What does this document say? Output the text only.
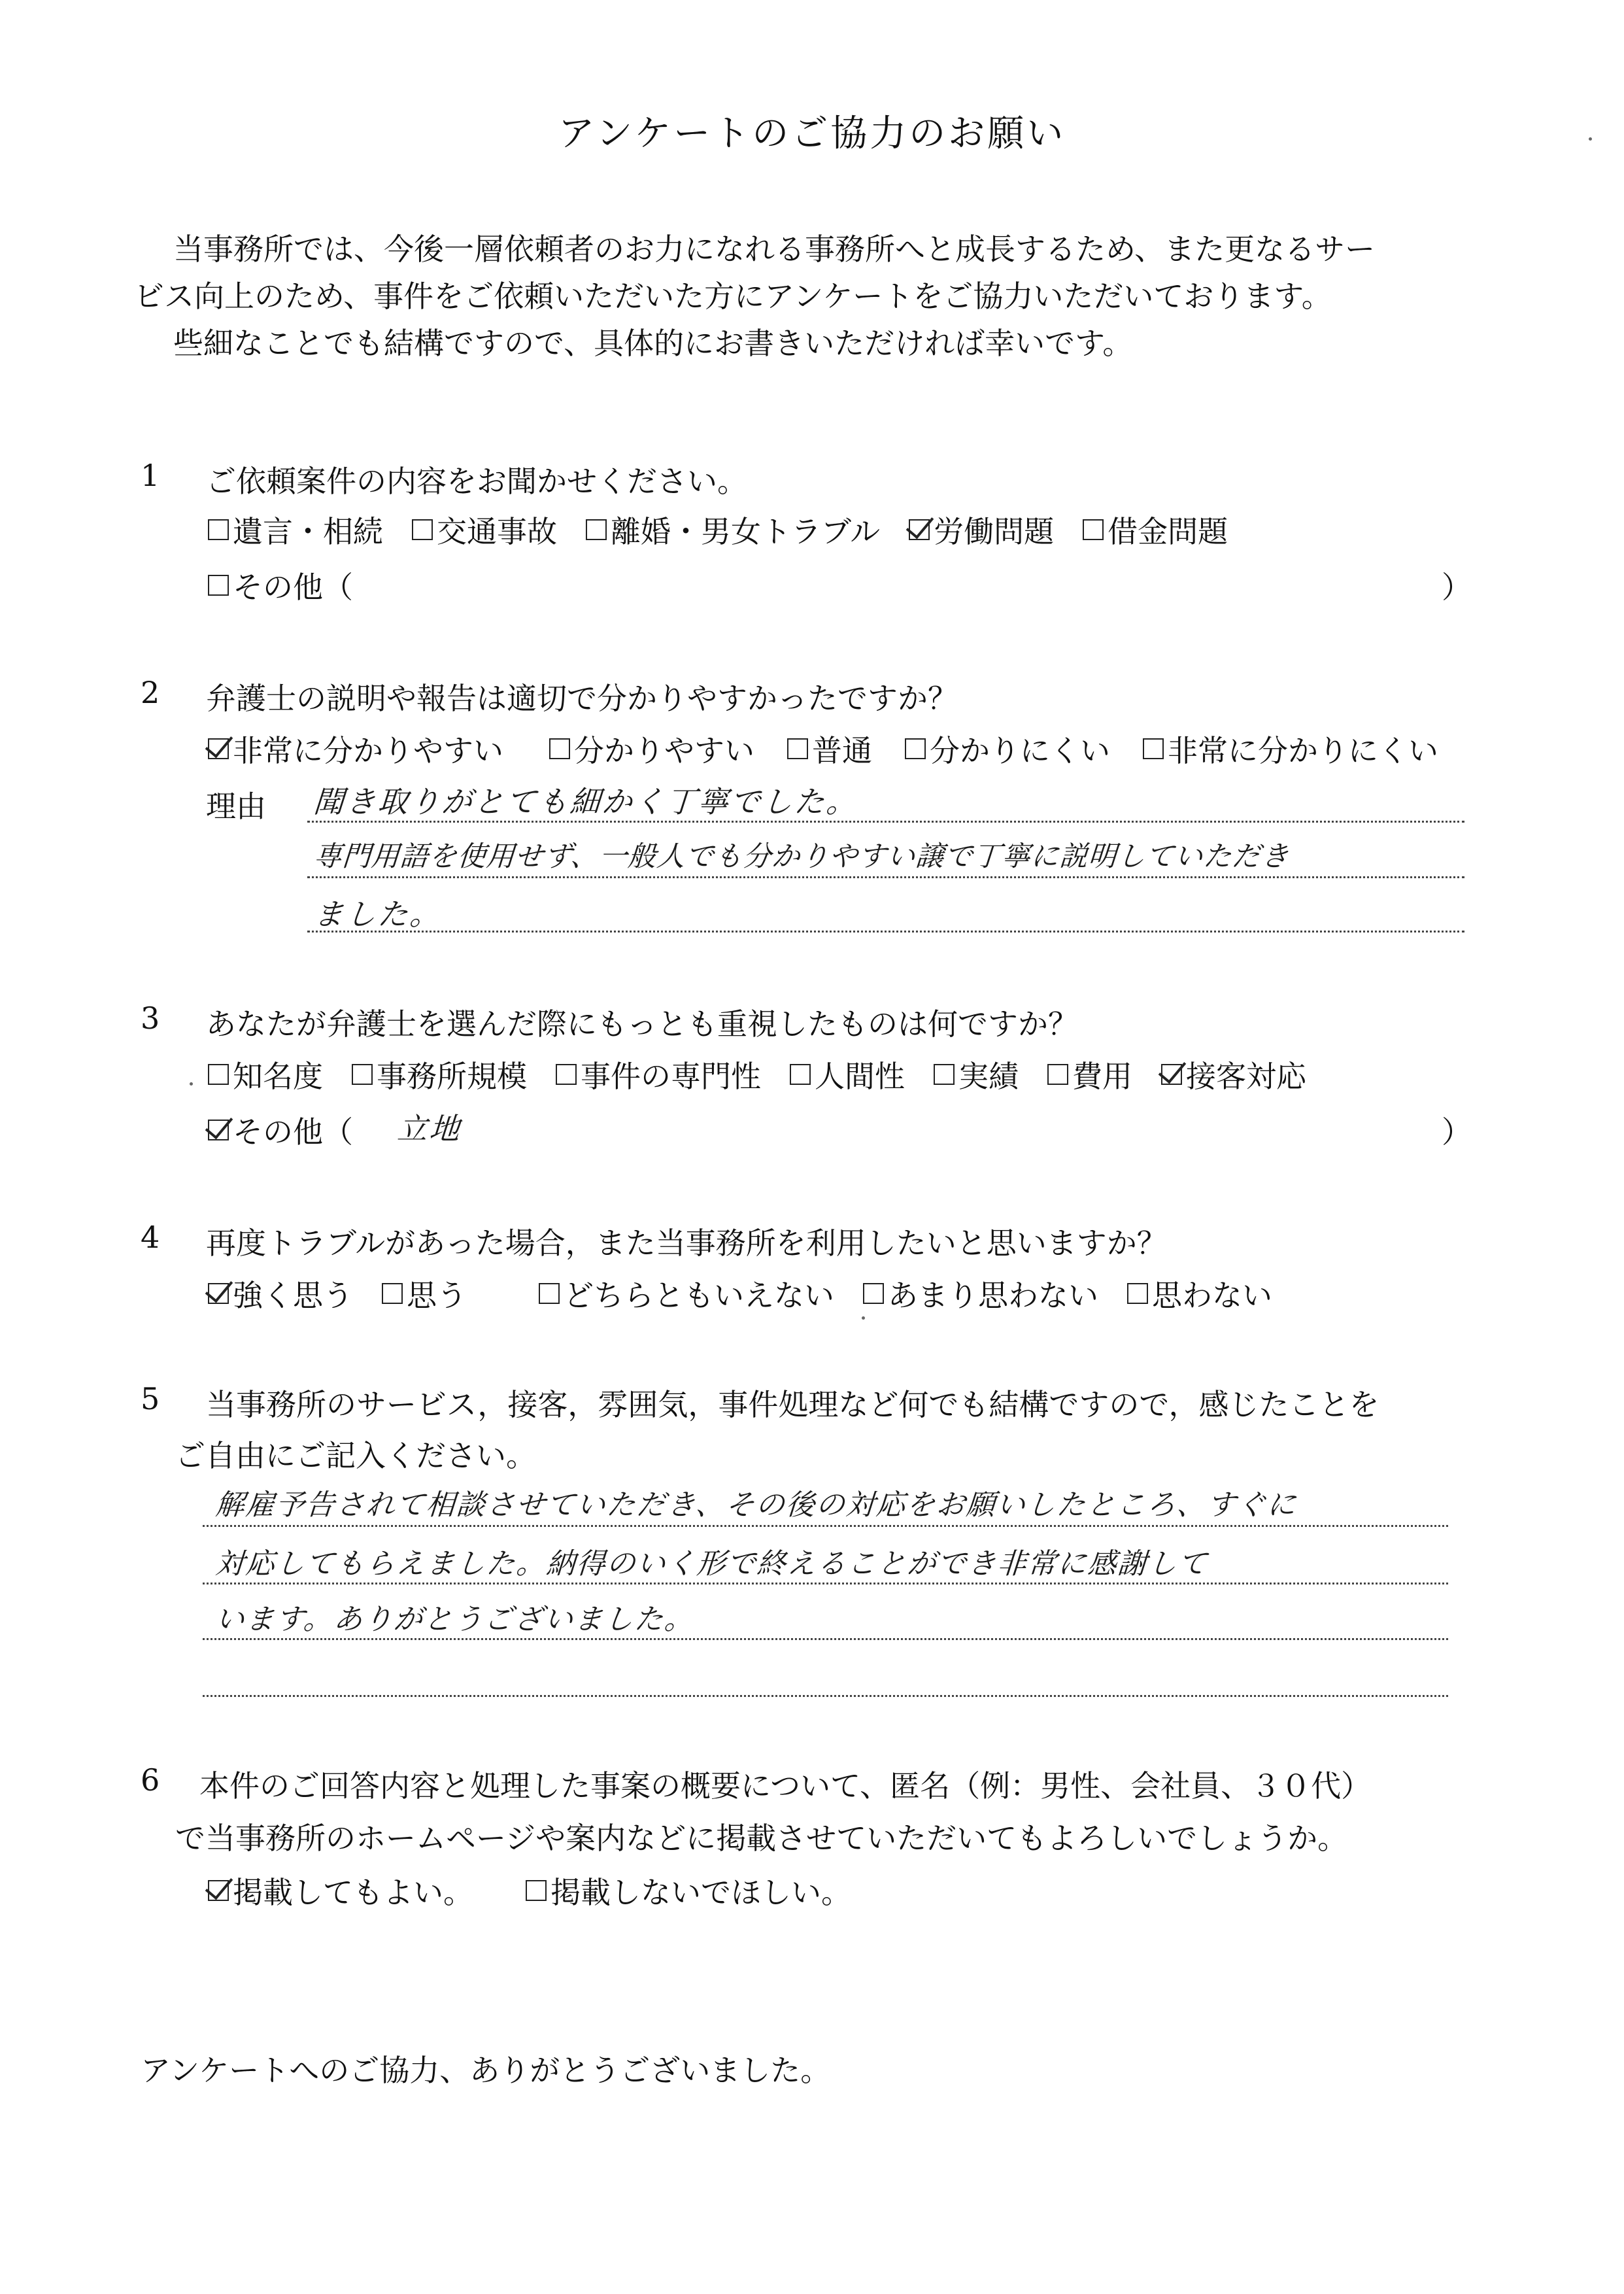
アンケートのご協力のお願い
当事務所では、今後一層依頼者のお力になれる事務所へと成長するため、また更なるサー
ビス向上のため、事件をご依頼いただいた方にアンケートをご協力いただいております。
些細なことでも結構ですので、具体的にお書きいただければ幸いです。
1	ご依頼案件の内容をお聞かせください。
遺言・相続 交通事故 離婚・男女トラブル 労働問題 借金問題
その他（	）
2	弁護士の説明や報告は適切で分かりやすかったですか？
非常に分かりやすい 分かりやすい 普通 分かりにくい 非常に分かりにくい
理由 聞き取りがとても細かく丁寧でした。
専門用語を使用せず、一般人でも分かりやすい譲で丁寧に説明していただき
ました。
3	あなたが弁護士を選んだ際にもっとも重視したものは何ですか？
知名度 事務所規模 事件の専門性 人間性 実績 費用 接客対応
その他（ 立地	）
4	再度トラブルがあった場合，また当事務所を利用したいと思いますか？
強く思う 思う	どちらともいえない あまり思わない 思わない
5	当事務所のサービス，接客，雰囲気，事件処理など何でも結構ですので，感じたことを
ご自由にご記入ください。
解雇予告されて相談させていただき、その後の対応をお願いしたところ、すぐに
対応してもらえました。納得のいく形で終えることができ非常に感謝して
います。ありがとうございました。
6	本件のご回答内容と処理した事案の概要について、匿名（例：男性、会社員、３０代）
で当事務所のホームページや案内などに掲載させていただいてもよろしいでしょうか。
掲載してもよい。	掲載しないでほしい。
アンケートへのご協力、ありがとうございました。
